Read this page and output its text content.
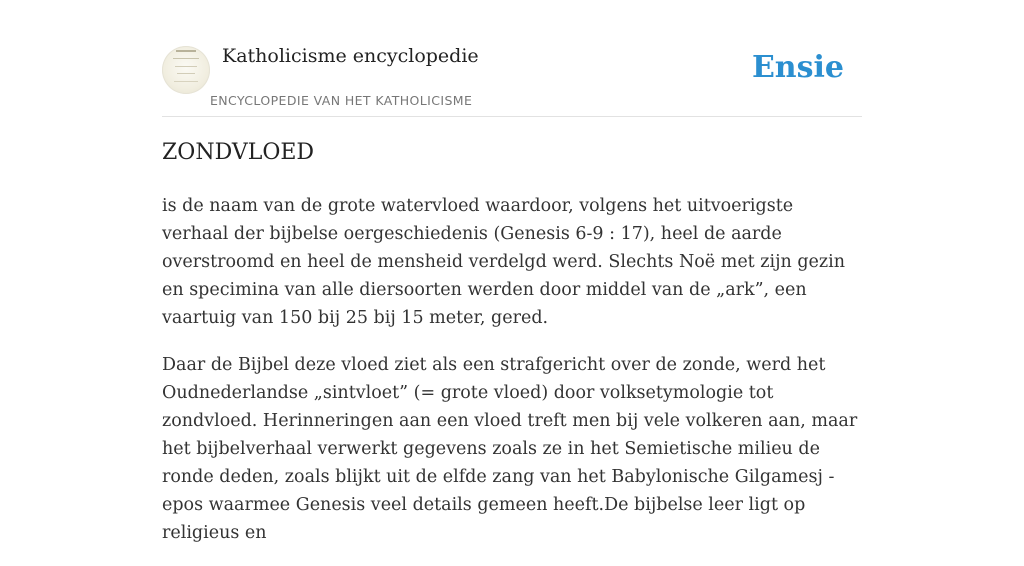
Katholicisme encyclopedie
ENCYCLOPEDIE VAN HET KATHOLICISME
Ensie
ZONDVLOED

is de naam van de grote watervloed waardoor, volgens het uitvoerigste verhaal der bijbelse oergeschiedenis (Genesis 6-9 : 17), heel de aarde overstroomd en heel de mensheid verdelgd werd. Slechts Noë met zijn gezin en specimina van alle diersoorten werden door middel van de „ark”, een vaartuig van 150 bij 25 bij 15 meter, gered.

Daar de Bijbel deze vloed ziet als een strafgericht over de zonde, werd het Oudnederlandse „sintvloet” (= grote vloed) door volksetymologie tot zondvloed. Herinneringen aan een vloed treft men bij vele volkeren aan, maar het bijbelverhaal verwerkt gegevens zoals ze in het Semietische milieu de ronde deden, zoals blijkt uit de elfde zang van het Babylonische Gilgamesj -epos waarmee Genesis veel details gemeen heeft.De bijbelse leer ligt op religieus en
